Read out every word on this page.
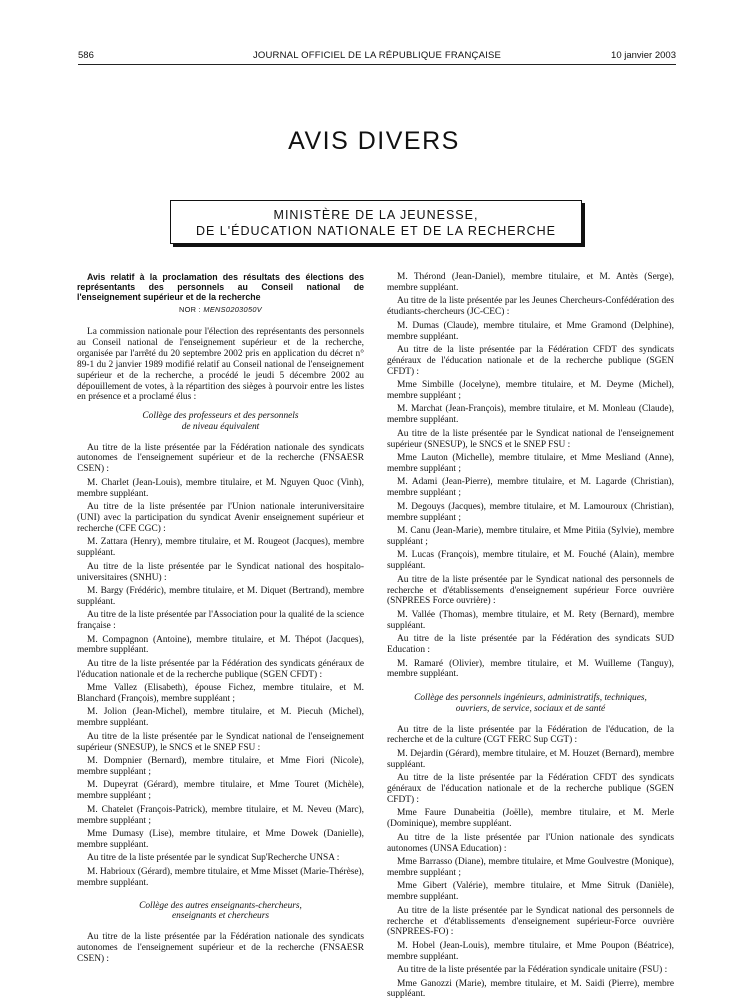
586	JOURNAL OFFICIEL DE LA RÉPUBLIQUE FRANÇAISE	10 janvier 2003
AVIS DIVERS
MINISTÈRE DE LA JEUNESSE,
DE L'ÉDUCATION NATIONALE ET DE LA RECHERCHE

Avis relatif à la proclamation des résultats des élections des représentants des personnels au Conseil national de l'enseignement supérieur et de la recherche

NOR : MENS0203050V

La commission nationale pour l'élection des représentants des personnels au Conseil national de l'enseignement supérieur et de la recherche, organisée par l'arrêté du 20 septembre 2002 pris en application du décret n° 89-1 du 2 janvier 1989 modifié relatif au Conseil national de l'enseignement supérieur et de la recherche, a procédé le jeudi 5 décembre 2002 au dépouillement de votes, à la répartition des sièges à pourvoir entre les listes en présence et a proclamé élus :

Collège des professeurs et des personnels
de niveau équivalent

Au titre de la liste présentée par la Fédération nationale des syndicats autonomes de l'enseignement supérieur et de la recherche (FNSAESR CSEN) :

M. Charlet (Jean-Louis), membre titulaire, et M. Nguyen Quoc (Vinh), membre suppléant.

Au titre de la liste présentée par l'Union nationale interuniversitaire (UNI) avec la participation du syndicat Avenir enseignement supérieur et recherche (CFE CGC) :

M. Zattara (Henry), membre titulaire, et M. Rougeot (Jacques), membre suppléant.

Au titre de la liste présentée par le Syndicat national des hospitalo-universitaires (SNHU) :

M. Bargy (Frédéric), membre titulaire, et M. Diquet (Bertrand), membre suppléant.

Au titre de la liste présentée par l'Association pour la qualité de la science française :

M. Compagnon (Antoine), membre titulaire, et M. Thépot (Jacques), membre suppléant.

Au titre de la liste présentée par la Fédération des syndicats généraux de l'éducation nationale et de la recherche publique (SGEN CFDT) :

Mme Vallez (Elisabeth), épouse Fichez, membre titulaire, et M. Blanchard (François), membre suppléant ;

M. Jolion (Jean-Michel), membre titulaire, et M. Piecuh (Michel), membre suppléant.

Au titre de la liste présentée par le Syndicat national de l'enseignement supérieur (SNESUP), le SNCS et le SNEP FSU :

M. Dompnier (Bernard), membre titulaire, et Mme Fiori (Nicole), membre suppléant ;

M. Dupeyrat (Gérard), membre titulaire, et Mme Touret (Michèle), membre suppléant ;

M. Chatelet (François-Patrick), membre titulaire, et M. Neveu (Marc), membre suppléant ;

Mme Dumasy (Lise), membre titulaire, et Mme Dowek (Danielle), membre suppléant.

Au titre de la liste présentée par le syndicat Sup'Recherche UNSA :

M. Habrioux (Gérard), membre titulaire, et Mme Misset (Marie-Thérèse), membre suppléant.

Collège des autres enseignants-chercheurs,
enseignants et chercheurs

Au titre de la liste présentée par la Fédération nationale des syndicats autonomes de l'enseignement supérieur et de la recherche (FNSAESR CSEN) :

M. Thérond (Jean-Daniel), membre titulaire, et M. Antès (Serge), membre suppléant.

Au titre de la liste présentée par les Jeunes Chercheurs-Confédération des étudiants-chercheurs (JC-CEC) :

M. Dumas (Claude), membre titulaire, et Mme Gramond (Delphine), membre suppléant.

Au titre de la liste présentée par la Fédération CFDT des syndicats généraux de l'éducation nationale et de la recherche publique (SGEN CFDT) :

Mme Simbille (Jocelyne), membre titulaire, et M. Deyme (Michel), membre suppléant ;

M. Marchat (Jean-François), membre titulaire, et M. Monleau (Claude), membre suppléant.

Au titre de la liste présentée par le Syndicat national de l'enseignement supérieur (SNESUP), le SNCS et le SNEP FSU :

Mme Lauton (Michelle), membre titulaire, et Mme Mesliand (Anne), membre suppléant ;

M. Adami (Jean-Pierre), membre titulaire, et M. Lagarde (Christian), membre suppléant ;

M. Degouys (Jacques), membre titulaire, et M. Lamouroux (Christian), membre suppléant ;

M. Canu (Jean-Marie), membre titulaire, et Mme Pitiia (Sylvie), membre suppléant ;

M. Lucas (François), membre titulaire, et M. Fouché (Alain), membre suppléant.

Au titre de la liste présentée par le Syndicat national des personnels de recherche et d'établissements d'enseignement supérieur Force ouvrière (SNPREES Force ouvrière) :

M. Vallée (Thomas), membre titulaire, et M. Rety (Bernard), membre suppléant.

Au titre de la liste présentée par la Fédération des syndicats SUD Education :

M. Ramaré (Olivier), membre titulaire, et M. Wuilleme (Tanguy), membre suppléant.

Collège des personnels ingénieurs, administratifs, techniques,
ouvriers, de service, sociaux et de santé

Au titre de la liste présentée par la Fédération de l'éducation, de la recherche et de la culture (CGT FERC Sup CGT) :

M. Dejardin (Gérard), membre titulaire, et M. Houzet (Bernard), membre suppléant.

Au titre de la liste présentée par la Fédération CFDT des syndicats généraux de l'éducation nationale et de la recherche publique (SGEN CFDT) :

Mme Faure Dunabeitia (Joëlle), membre titulaire, et M. Merle (Dominique), membre suppléant.

Au titre de la liste présentée par l'Union nationale des syndicats autonomes (UNSA Education) :

Mme Barrasso (Diane), membre titulaire, et Mme Goulvestre (Monique), membre suppléant ;

Mme Gibert (Valérie), membre titulaire, et Mme Sitruk (Danièle), membre suppléant.

Au titre de la liste présentée par le Syndicat national des personnels de recherche et d'établissements d'enseignement supérieur-Force ouvrière (SNPREES-FO) :

M. Hobel (Jean-Louis), membre titulaire, et Mme Poupon (Béatrice), membre suppléant.

Au titre de la liste présentée par la Fédération syndicale unitaire (FSU) :

Mme Ganozzi (Marie), membre titulaire, et M. Saidi (Pierre), membre suppléant.
